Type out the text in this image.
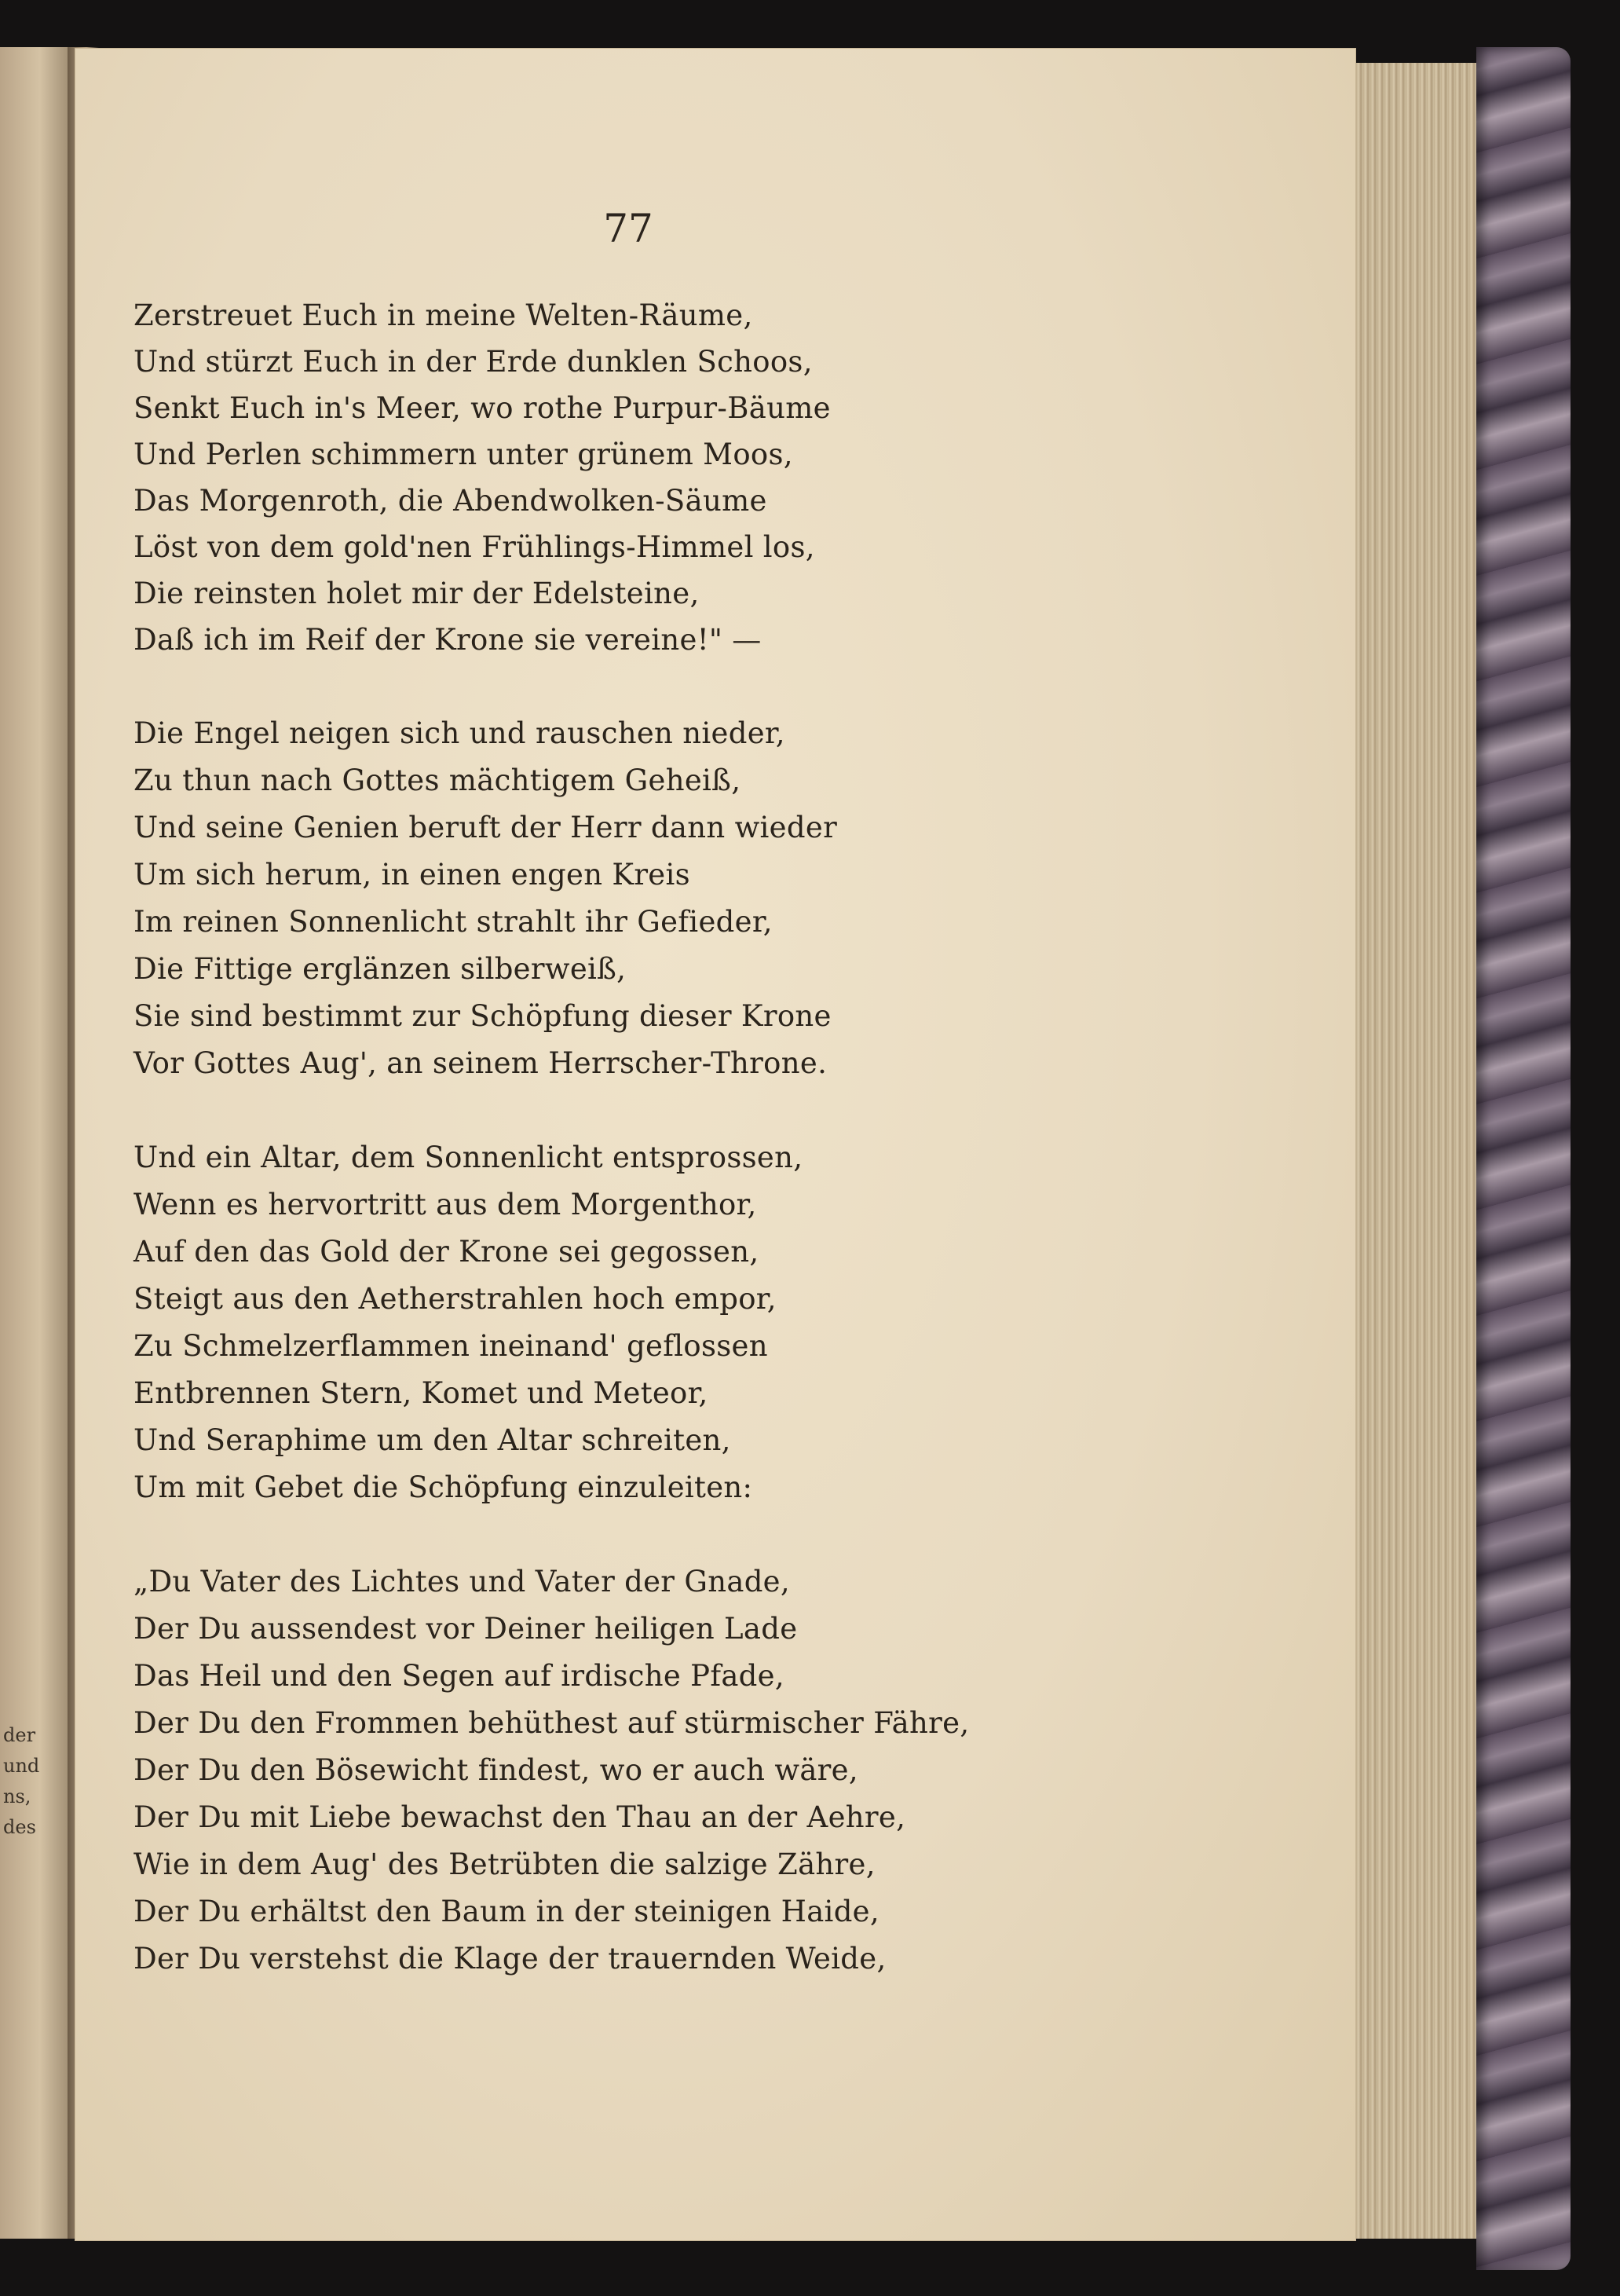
der
und
ns,
des
77
Zerstreuet Euch in meine Welten-Räume,
Und stürzt Euch in der Erde dunklen Schoos,
Senkt Euch in's Meer, wo rothe Purpur-Bäume
Und Perlen schimmern unter grünem Moos,
Das Morgenroth, die Abendwolken-Säume
Löst von dem gold'nen Frühlings-Himmel los,
Die reinsten holet mir der Edelsteine,
Daß ich im Reif der Krone sie vereine!" —
Die Engel neigen sich und rauschen nieder,
Zu thun nach Gottes mächtigem Geheiß,
Und seine Genien beruft der Herr dann wieder
Um sich herum, in einen engen Kreis
Im reinen Sonnenlicht strahlt ihr Gefieder,
Die Fittige erglänzen silberweiß,
Sie sind bestimmt zur Schöpfung dieser Krone
Vor Gottes Aug', an seinem Herrscher-Throne.
Und ein Altar, dem Sonnenlicht entsprossen,
Wenn es hervortritt aus dem Morgenthor,
Auf den das Gold der Krone sei gegossen,
Steigt aus den Aetherstrahlen hoch empor,
Zu Schmelzerflammen ineinand' geflossen
Entbrennen Stern, Komet und Meteor,
Und Seraphime um den Altar schreiten,
Um mit Gebet die Schöpfung einzuleiten:
„Du Vater des Lichtes und Vater der Gnade,
Der Du aussendest vor Deiner heiligen Lade
Das Heil und den Segen auf irdische Pfade,
Der Du den Frommen behüthest auf stürmischer Fähre,
Der Du den Bösewicht findest, wo er auch wäre,
Der Du mit Liebe bewachst den Thau an der Aehre,
Wie in dem Aug' des Betrübten die salzige Zähre,
Der Du erhältst den Baum in der steinigen Haide,
Der Du verstehst die Klage der trauernden Weide,
